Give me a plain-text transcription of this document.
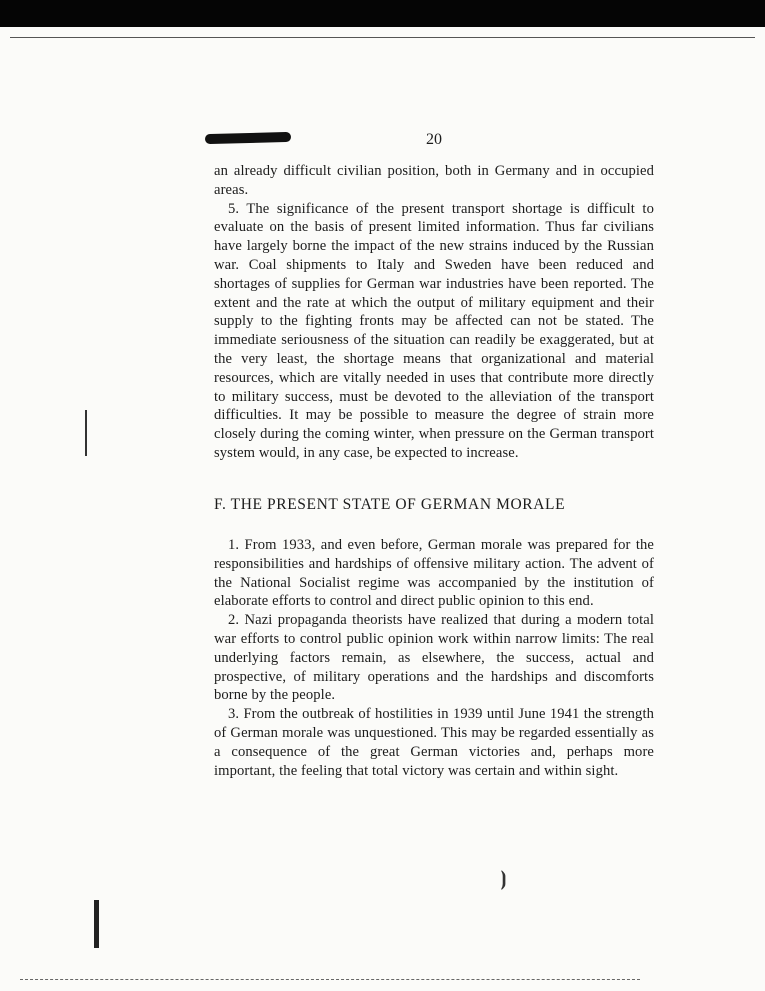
20

an already difficult civilian position, both in Germany and in occupied areas.

5. The significance of the present transport shortage is difficult to evaluate on the basis of present limited information. Thus far civilians have largely borne the impact of the new strains induced by the Russian war. Coal shipments to Italy and Sweden have been reduced and shortages of supplies for German war industries have been reported. The extent and the rate at which the output of military equipment and their supply to the fighting fronts may be affected can not be stated. The immediate seriousness of the situation can readily be exaggerated, but at the very least, the shortage means that organizational and material resources, which are vitally needed in uses that contribute more directly to military success, must be devoted to the alleviation of the transport difficulties. It may be possible to measure the degree of strain more closely during the coming winter, when pressure on the German transport system would, in any case, be expected to increase.

F. THE PRESENT STATE OF GERMAN MORALE

1. From 1933, and even before, German morale was prepared for the responsibilities and hardships of offensive military action. The advent of the National Socialist regime was accompanied by the institution of elaborate efforts to control and direct public opinion to this end.

2. Nazi propaganda theorists have realized that during a modern total war efforts to control public opinion work within narrow limits: The real underlying factors remain, as elsewhere, the success, actual and prospective, of military operations and the hardships and discomforts borne by the people.

3. From the outbreak of hostilities in 1939 until June 1941 the strength of German morale was unquestioned. This may be regarded essentially as a consequence of the great German victories and, perhaps more important, the feeling that total victory was certain and within sight.

⦘
